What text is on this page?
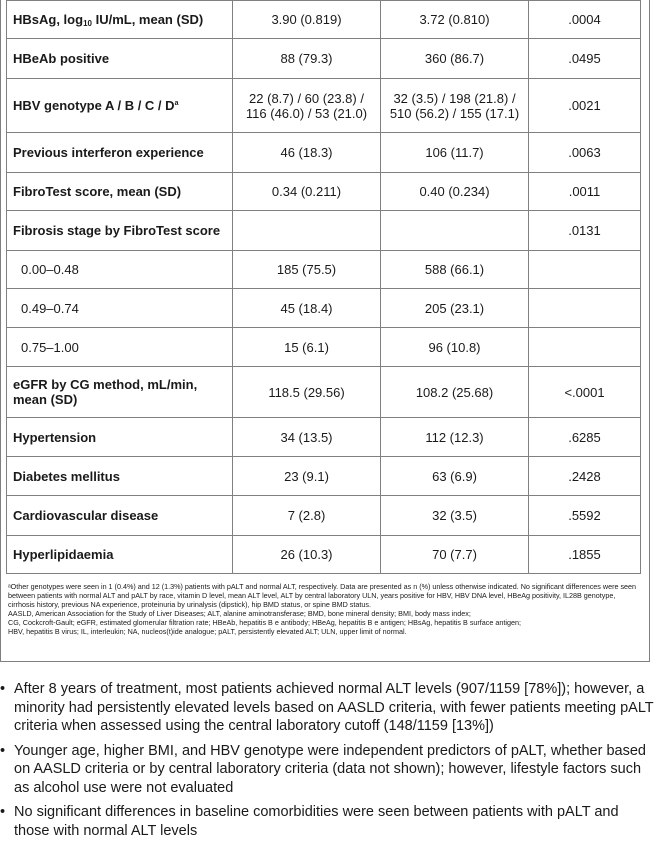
HBsAg, $\log_{10} IU/mL$, mean (SD)	3.90 (0.819)	3.72 (0.810)	.0004
HBeAb positive	88 (79.3)	360 (86.7)	.0495
HBV genotype A / B / C / $D^a$	22 (8.7) / 60 (23.8) / 116 (46.0) / 53 (21.0)	32 (3.5) / 198 (21.8) / 510 (56.2) / 155 (17.1)	.0021
Previous interferon experience	46 (18.3)	106 (11.7)	.0063
FibroTest score, mean (SD)	0.34 (0.211)	0.40 (0.234)	.0011
Fibrosis stage by FibroTest score			.0131
0.00–0.48	185 (75.5)	588 (66.1)	
0.49–0.74	45 (18.4)	205 (23.1)	
0.75–1.00	15 (6.1)	96 (10.8)	
eGFR by CG method, mL/min, mean (SD)	118.5 (29.56)	108.2 (25.68)	<.0001
Hypertension	34 (13.5)	112 (12.3)	.6285
Diabetes mellitus	23 (9.1)	63 (6.9)	.2428
Cardiovascular disease	7 (2.8)	32 (3.5)	.5592
Hyperlipidaemia	26 (10.3)	70 (7.7)	.1855

ᵃOther genotypes were seen in 1 (0.4%) and 12 (1.3%) patients with pALT and normal ALT, respectively. Data are presented as n (%) unless otherwise indicated. No significant differences were seen between patients with normal ALT and pALT by race, vitamin D level, mean ALT level, ALT by central laboratory ULN, years positive for HBV, HBV DNA level, HBeAg positivity, IL28B genotype, cirrhosis history, previous NA experience, proteinuria by urinalysis (dipstick), hip BMD status, or spine BMD status.

AASLD, American Association for the Study of Liver Diseases; ALT, alanine aminotransferase; BMD, bone mineral density; BMI, body mass index;

CG, Cockcroft-Gault; eGFR, estimated glomerular filtration rate; HBeAb, hepatitis B e antibody; HBeAg, hepatitis B e antigen; HBsAg, hepatitis B surface antigen;

HBV, hepatitis B virus; IL, interleukin; NA, nucleos(t)ide analogue; pALT, persistently elevated ALT; ULN, upper limit of normal.

• After 8 years of treatment, most patients achieved normal ALT levels (907/1159 [78%]); however, a minority had persistently elevated levels based on AASLD criteria, with fewer patients meeting pALT criteria when assessed using the central laboratory cutoff (148/1159 [13%])
• Younger age, higher BMI, and HBV genotype were independent predictors of pALT, whether based on AASLD criteria or by central laboratory criteria (data not shown); however, lifestyle factors such as alcohol use were not evaluated
• No significant differences in baseline comorbidities were seen between patients with pALT and those with normal ALT levels
